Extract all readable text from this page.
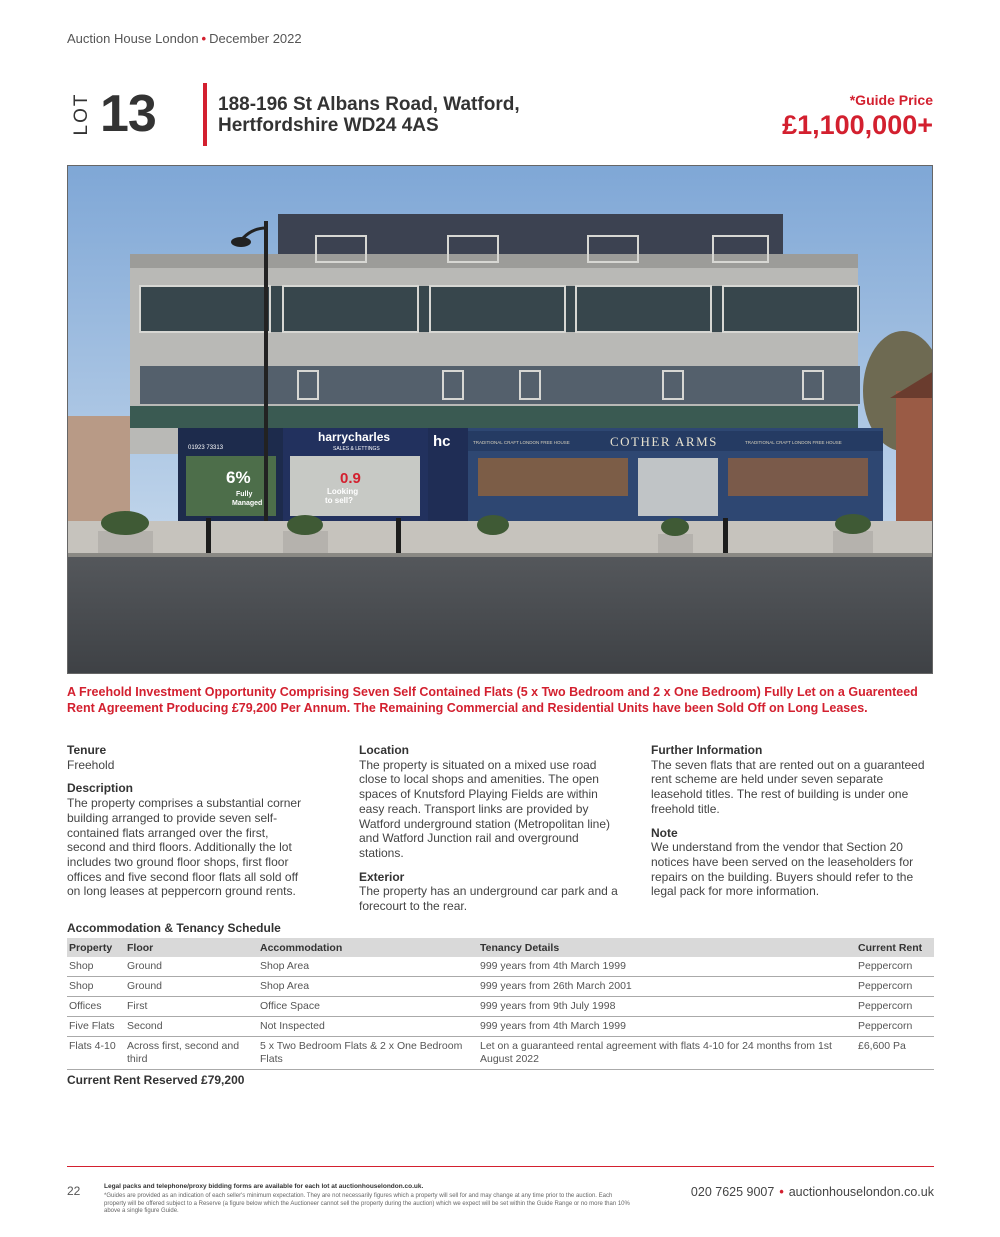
Auction House London • December 2022
LOT 13	188-196 St Albans Road, Watford,
Hertfordshire WD24 4AS
*Guide Price
£1,100,000+
harrycharles
SALES & LETTINGS	hc
01923 73313	COTHER ARMS
TRADITIONAL CRAFT LONDON FREE HOUSE	TRADITIONAL CRAFT LONDON FREE HOUSE
6%
Fully
Managed
0.9
Looking
to sell?
A Freehold Investment Opportunity Comprising Seven Self Contained Flats (5 x Two Bedroom and 2 x One Bedroom) Fully Let on a Guarenteed Rent Agreement Producing £79,200 Per Annum. The Remaining Commercial and Residential Units have been Sold Off on Long Leases.
Tenure

Freehold

Description

The property comprises a substantial corner building arranged to provide seven self-contained flats arranged over the first, second and third floors. Additionally the lot includes two ground floor shops, first floor offices and five second floor flats all sold off on long leases at peppercorn ground rents.

Location

The property is situated on a mixed use road close to local shops and amenities. The open spaces of Knutsford Playing Fields are within easy reach. Transport links are provided by Watford underground station (Metropolitan line) and Watford Junction rail and overground stations.

Exterior

The property has an underground car park and a forecourt to the rear.

Further Information

The seven flats that are rented out on a guaranteed rent scheme are held under seven separate leasehold titles. The rest of building is under one freehold title.

Note

We understand from the vendor that Section 20 notices have been served on the leaseholders for repairs on the building. Buyers should refer to the legal pack for more information.

Accommodation & Tenancy Schedule
Property	Floor	Accommodation	Tenancy Details	Current Rent
Shop	Ground	Shop Area	999 years from 4th March 1999	Peppercorn
Shop	Ground	Shop Area	999 years from 26th March 2001	Peppercorn
Offices	First	Office Space	999 years from 9th July 1998	Peppercorn
Five Flats	Second	Not Inspected	999 years from 4th March 1999	Peppercorn
Flats 4-10	Across first, second and third	5 x Two Bedroom Flats & 2 x One Bedroom Flats	Let on a guaranteed rental agreement with flats 4-10 for 24 months from 1st August 2022	£6,600 Pa
Current Rent Reserved £79,200
22	Legal packs and telephone/proxy bidding forms are available for each lot at auctionhouselondon.co.uk.
*Guides are provided as an indication of each seller's minimum expectation. They are not necessarily figures which a property will sell for and may change at any time prior to the auction. Each property will be offered subject to a Reserve (a figure below which the Auctioneer cannot sell the property during the auction) which we expect will be set within the Guide Range or no more than 10% above a single figure Guide.
020 7625 9007 • auctionhouselondon.co.uk
